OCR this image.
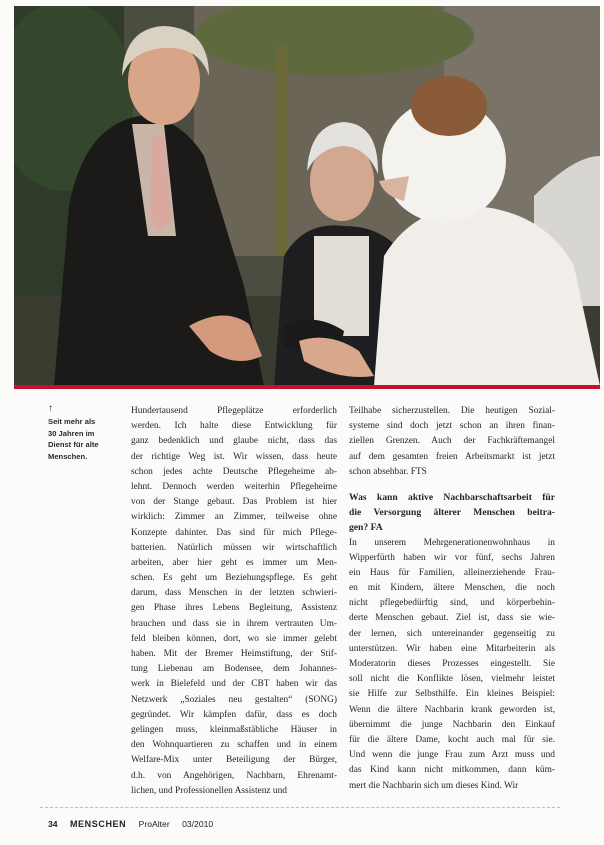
↑

Seit mehr als
30 Jahren im
Dienst für alte
Menschen.

Hundertausend Pflegeplätze erforderlich
werden. Ich halte diese Entwicklung für
ganz bedenklich und glaube nicht, dass das
der richtige Weg ist. Wir wissen, dass heute
schon jedes achte Deutsche Pflegeheime ab-
lehnt. Dennoch werden weiterhin Pflegeheime
von der Stange gebaut. Das Problem ist hier
wirklich: Zimmer an Zimmer, teilweise ohne
Konzepte dahinter. Das sind für mich Pflege-
batterien. Natürlich müssen wir wirtschaftlich
arbeiten, aber hier geht es immer um Men-
schen. Es geht um Beziehungspflege. Es geht
darum, dass Menschen in der letzten schwieri-
gen Phase ihres Lebens Begleitung, Assistenz
brauchen und dass sie in ihrem vertrauten Um-
feld bleiben können, dort, wo sie immer gelebt
haben. Mit der Bremer Heimstiftung, der Stif-
tung Liebenau am Bodensee, dem Johannes-
werk in Bielefeld und der CBT haben wir das
Netzwerk „Soziales neu gestalten“ (SONG)
gegründet. Wir kämpfen dafür, dass es doch
gelingen muss, kleinmaßstäbliche Häuser in
den Wohnquartieren zu schaffen und in einem
Welfare-Mix unter Beteiligung der Bürger,
d.h. von Angehörigen, Nachbarn, Ehrenamt-
lichen, und Professionellen Assistenz und
Teilhabe sicherzustellen. Die heutigen Sozial-
systeme sind doch jetzt schon an ihren finan-
ziellen Grenzen. Auch der Fachkräftemangel
auf dem gesamten freien Arbeitsmarkt ist jetzt
schon absehbar. FTS
Was kann aktive Nachbarschaftsarbeit für
die Versorgung älterer Menschen beitra-
gen? FA
In unserem Mehrgenerationenwohnhaus in
Wipperfürth haben wir vor fünf, sechs Jahren
ein Haus für Familien, alleinerziehende Frau-
en mit Kindern, ältere Menschen, die noch
nicht pflegebedürftig sind, und körperbehin-
derte Menschen gebaut. Ziel ist, dass sie wie-
der lernen, sich untereinander gegenseitig zu
unterstützen. Wir haben eine Mitarbeiterin als
Moderatorin dieses Prozesses eingestellt. Sie
soll nicht die Konflikte lösen, vielmehr leistet
sie Hilfe zur Selbsthilfe. Ein kleines Beispiel:
Wenn die ältere Nachbarin krank geworden ist,
übernimmt die junge Nachbarin den Einkauf
für die ältere Dame, kocht auch mal für sie.
Und wenn die junge Frau zum Arzt muss und
das Kind kann nicht mitkommen, dann küm-
mert die Nachbarin sich um dieses Kind. Wir
34 MENSCHEN ProAlter 03/2010
